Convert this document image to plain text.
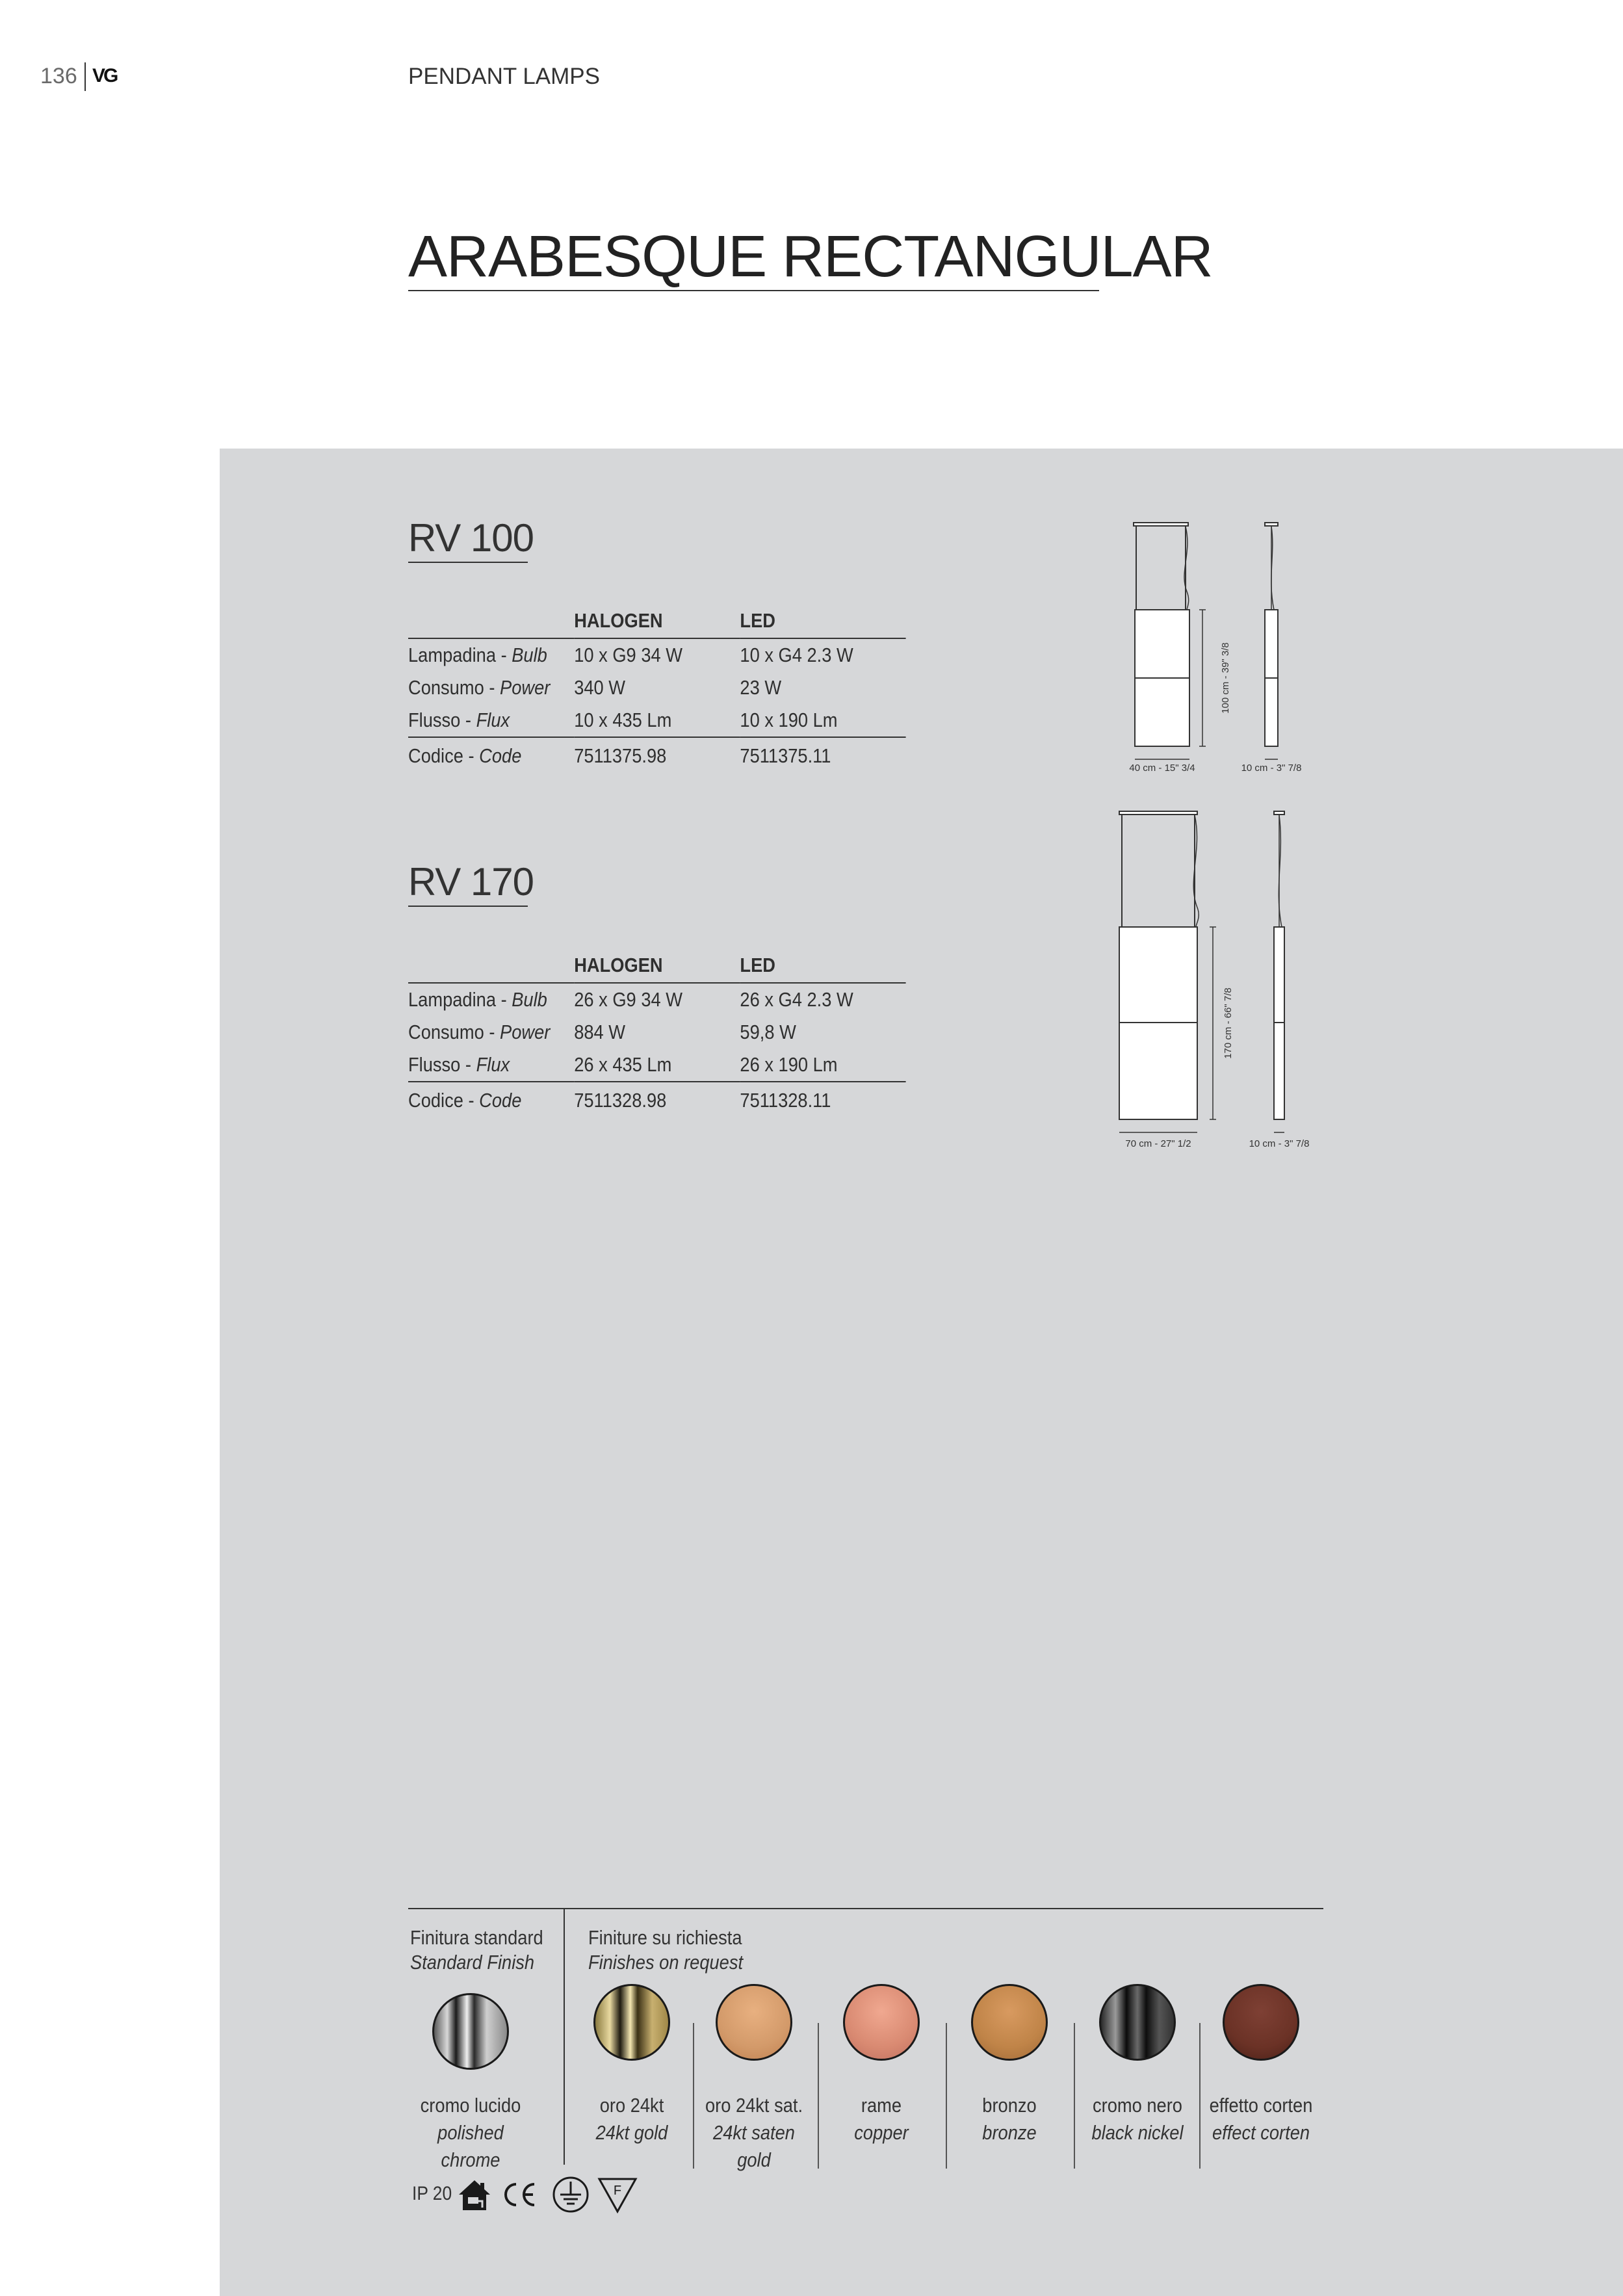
136 VG	PENDANT LAMPS
ARABESQUE RECTANGULAR
RV 100
	HALOGEN	LED
Lampadina - Bulb	10 x G9 34 W	10 x G4 2.3 W
Consumo - Power	340 W	23 W
Flusso - Flux	10 x 435 Lm	10 x 190 Lm
Codice - Code	7511375.98	7511375.11
40 cm - 15" 3/4	10 cm - 3" 7/8
100 cm - 39" 3/8
RV 170
	HALOGEN	LED
Lampadina - Bulb	26 x G9 34 W	26 x G4 2.3 W
Consumo - Power	884 W	59,8 W
Flusso - Flux	26 x 435 Lm	26 x 190 Lm
Codice - Code	7511328.98	7511328.11
70 cm - 27" 1/2	10 cm - 3" 7/8
170 cm - 66" 7/8
Finitura standard
Standard Finish
Finiture su richiesta
Finishes on request
cromo lucido
polished chrome
oro 24kt
24kt gold
oro 24kt sat.
24kt saten gold
rame
copper
bronzo
bronze
cromo nero
black nickel
effetto corten
effect corten
IP 20	F
